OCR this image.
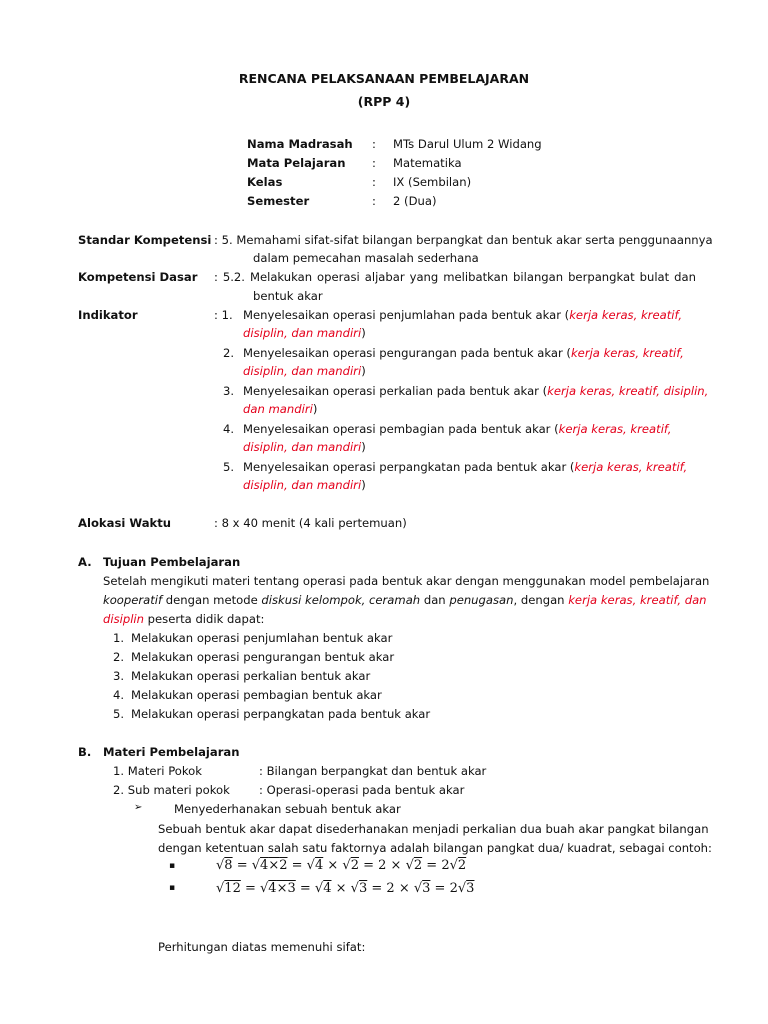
RENCANA PELAKSANAAN PEMBELAJARAN
(RPP 4)
Nama Madrasah : MTs Darul Ulum 2 Widang
Mata Pelajaran : Matematika
Kelas	: IX (Sembilan)
Semester	: 2 (Dua)
Standar Kompetensi : 5. Memahami sifat-sifat bilangan berpangkat dan bentuk akar serta penggunaannya
dalam pemecahan masalah sederhana
Kompetensi Dasar : 5.2. Melakukan operasi aljabar yang melibatkan bilangan berpangkat bulat dan
bentuk akar
Indikator	: 1. Menyelesaikan operasi penjumlahan pada bentuk akar (kerja keras, kreatif,
disiplin, dan mandiri)
2. Menyelesaikan operasi pengurangan pada bentuk akar (kerja keras, kreatif,
disiplin, dan mandiri)
3. Menyelesaikan operasi perkalian pada bentuk akar (kerja keras, kreatif, disiplin,
dan mandiri)
4. Menyelesaikan operasi pembagian pada bentuk akar (kerja keras, kreatif,
disiplin, dan mandiri)
5. Menyelesaikan operasi perpangkatan pada bentuk akar (kerja keras, kreatif,
disiplin, dan mandiri)
Alokasi Waktu	: 8 x 40 menit (4 kali pertemuan)
A. Tujuan Pembelajaran
Setelah mengikuti materi tentang operasi pada bentuk akar dengan menggunakan model pembelajaran
kooperatif dengan metode diskusi kelompok, ceramah dan penugasan, dengan kerja keras, kreatif, dan
disiplin peserta didik dapat:
1. Melakukan operasi penjumlahan bentuk akar
2. Melakukan operasi pengurangan bentuk akar
3. Melakukan operasi perkalian bentuk akar
4. Melakukan operasi pembagian bentuk akar
5. Melakukan operasi perpangkatan pada bentuk akar
B. Materi Pembelajaran
1. Materi Pokok	: Bilangan berpangkat dan bentuk akar
2. Sub materi pokok	: Operasi-operasi pada bentuk akar
➢	Menyederhanakan sebuah bentuk akar
Sebuah bentuk akar dapat disederhanakan menjadi perkalian dua buah akar pangkat bilangan
dengan ketentuan salah satu faktornya adalah bilangan pangkat dua/ kuadrat, sebagai contoh:
▪	√8 = √4×2 = √4 × √2 = 2 × √2 = 2√2
▪	√12 = √4×3 = √4 × √3 = 2 × √3 = 2√3
Perhitungan diatas memenuhi sifat:
